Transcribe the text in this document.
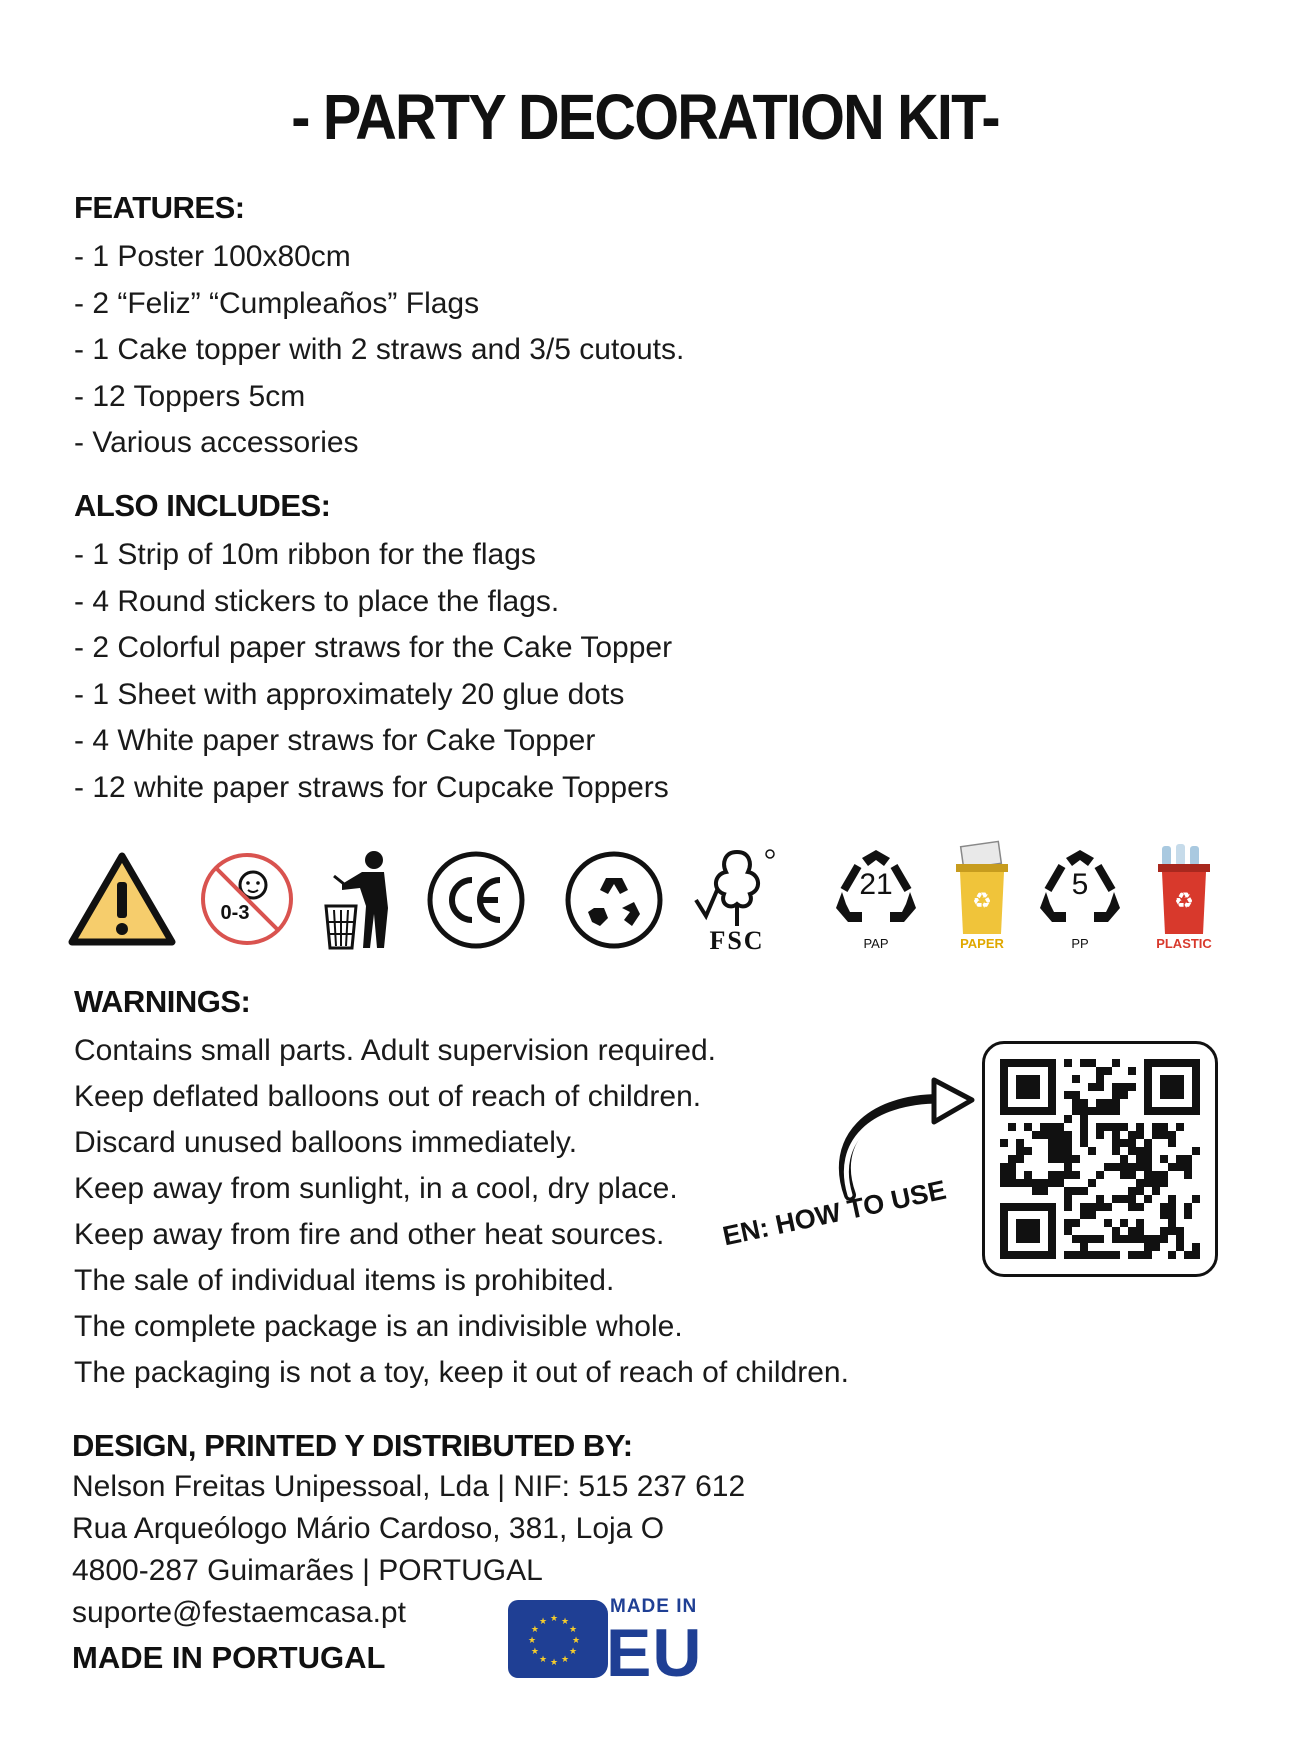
- PARTY DECORATION KIT-
FEATURES:
- 1 Poster 100x80cm
- 2 “Feliz” “Cumpleaños” Flags
- 1 Cake topper with 2 straws and 3/5 cutouts.
- 12 Toppers 5cm
- Various accessories
ALSO INCLUDES:
- 1 Strip of 10m ribbon for the flags
- 4 Round stickers to place the flags.
- 2 Colorful paper straws for the Cake Topper
- 1 Sheet with approximately 20 glue dots
- 4 White paper straws for Cake Topper
- 12 white paper straws for Cupcake Toppers
0-3
FSC
21
PAP
♻
PAPER
5
PP
♻
PLASTIC
WARNINGS:
Contains small parts. Adult supervision required.
Keep deflated balloons out of reach of children.
Discard unused balloons immediately.
Keep away from sunlight, in a cool, dry place.
Keep away from fire and other heat sources.
The sale of individual items is prohibited.
The complete package is an indivisible whole.
The packaging is not a toy, keep it out of reach of children.
EN: HOW TO USE
DESIGN, PRINTED Y DISTRIBUTED BY:
Nelson Freitas Unipessoal, Lda | NIF: 515 237 612
Rua Arqueólogo Mário Cardoso, 381, Loja O
4800-287 Guimarães | PORTUGAL
suporte@festaemcasa.pt
MADE IN PORTUGAL	★
★
★
★
★
★
★
★
★ ★ ★
★
MADE IN
EU
